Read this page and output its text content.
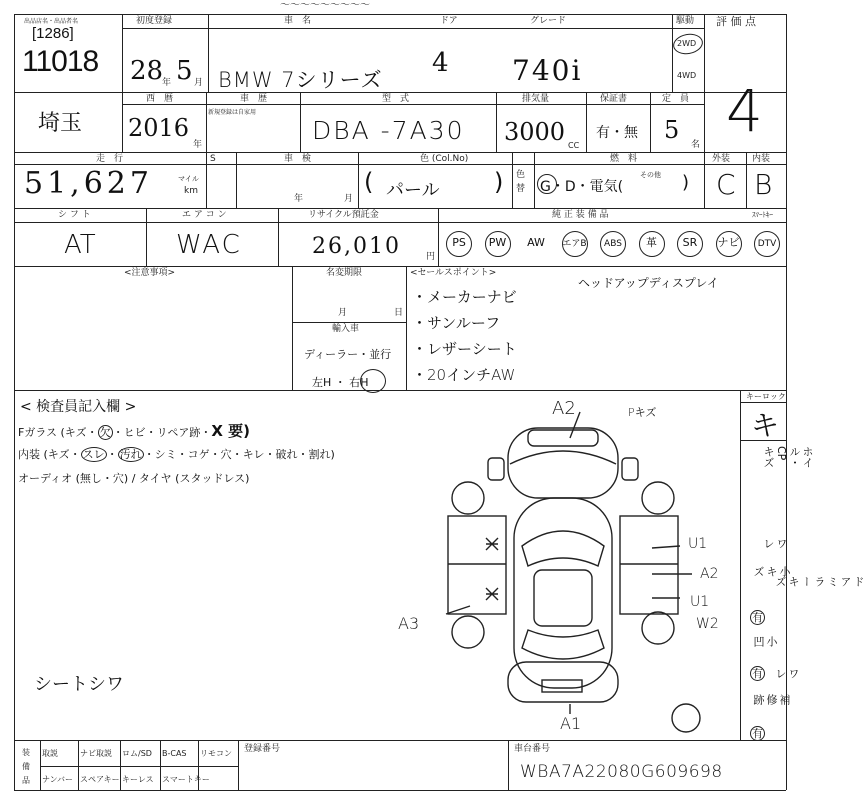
〜〜〜〜〜〜〜〜〜
出品店名・出品者名
[1286]
11018
初度登録
28
年 5 月
車　名
BMW 7シリーズ
ドア
4
グレード
740i
駆動
2WD
4WD
評 価 点
4
埼玉
西　暦
2016
年
車　歴
新規登録は自家用
型　式
DBA -7A30
排気量
3000 CC
保証書
有・無
定　員
5
名
走　行
51,627	マイル
km
S	車　検
年	月
色 (Col.No)
( パール ) 色替
燃　料
G・D・電気(
その他 )
外装
C
内装
B
シ フ ト
AT
エ ア コ ン
WAC
リサイクル預託金
26,010	円
純 正 装 備 品	ｽﾏｰﾄｷｰ
PS	PW	AW	エアB	ABS	革	SR	ナビ	DTV
<注意事項>	名変期限
月	日
輸入車
ディーラー・並行
左H ・ 右H
<セールスポイント>
・メーカーナビ
・サンルーフ
・レザーシート
・20インチAW
ヘッドアップディスプレイ
< 検査員記入欄 >
Fガラス (キズ・ 欠 ・ヒビ・リペア跡・X 要)
内装 (キズ・ スレ ・ 汚れ ・シミ・コゲ・穴・キレ・破れ・割れ)
オーディオ (無し・穴) / タイヤ (スタッドレス)
シートシワ
キーロック
キ
ホイル・CPキズ
ワレ
ドアミラーキズ
ワレ
小キズ
有
小凹
有
補修跡
有
A2	Pキズ
U1
A2
U1
W2
A3
A1
装 備 品
取説	ナビ取説 ロム/SD B-CAS リモコン
ナンバー スペアキー キーレス スマートキー
登録番号	車台番号
WBA7A22080G609698
